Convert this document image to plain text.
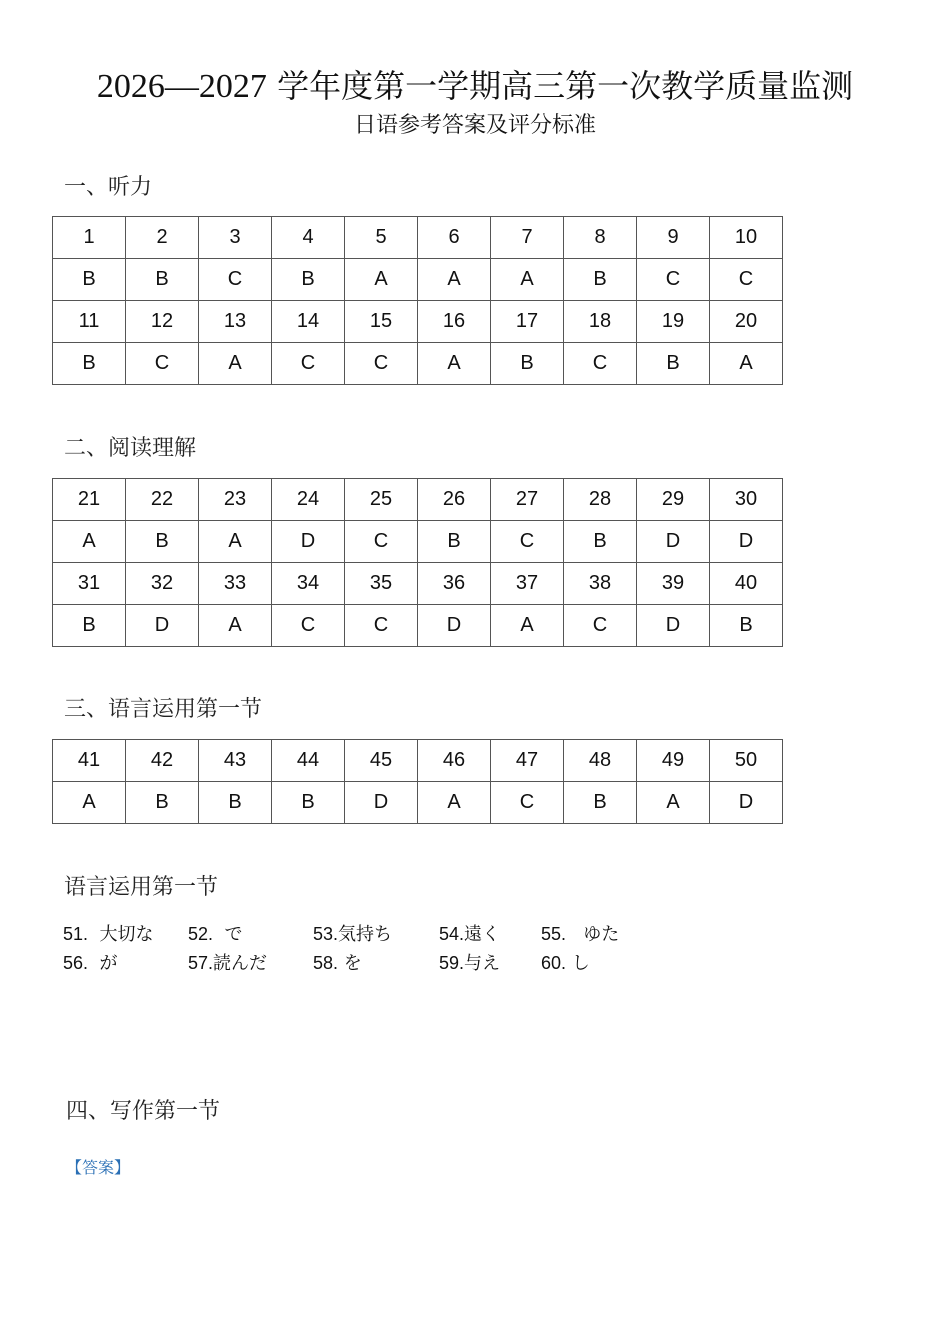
2026—2027 学年度第一学期高三第一次教学质量监测
日语参考答案及评分标准
一、听力
1	2	3	4	5	6	7	8	9	10
B	B	C	B	A	A	A	B	C	C
11	12	13	14	15	16	17	18	19	20
B	C	A	C	C	A	B	C	B	A
二、阅读理解
21	22	23	24	25	26	27	28	29	30
A	B	A	D	C	B	C	B	D	D
31	32	33	34	35	36	37	38	39	40
B	D	A	C	C	D	A	C	D	B
三、语言运用第一节
41	42	43	44	45	46	47	48	49	50
A	B	B	B	D	A	C	B	A	D
语言运用第一节
51. 大切な 52. で	53.気持ち	54.遠く 55. ゆた
56. が	57.読んだ	58. を	59.与え 60. し
四、写作第一节
【答案】
